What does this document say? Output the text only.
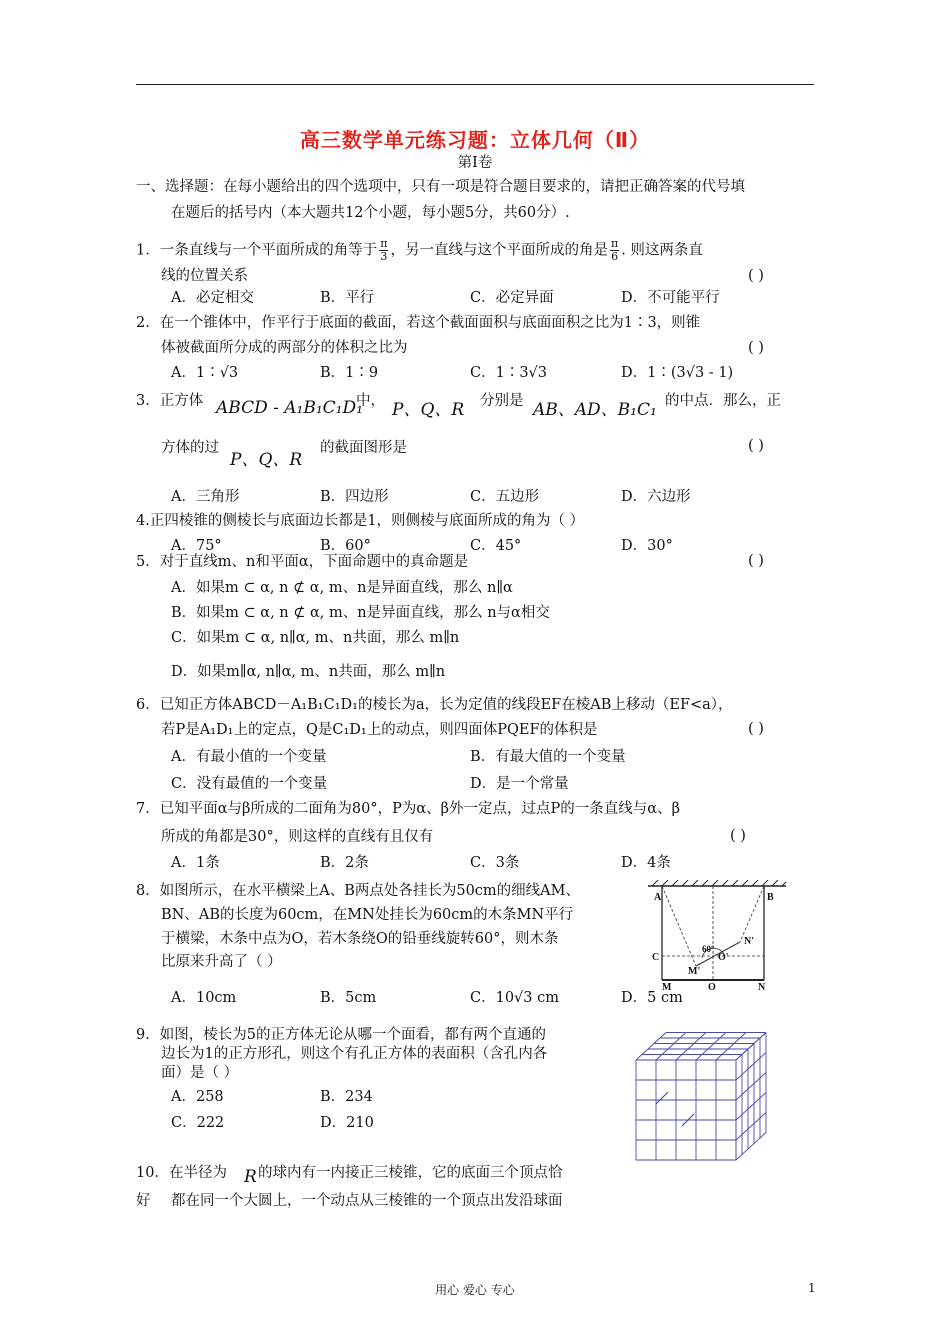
高三数学单元练习题：立体几何（Ⅱ）
第Ⅰ卷
一、选择题：在每小题给出的四个选项中，只有一项是符合题目要求的，请把正确答案的代号填
在题后的括号内（本大题共12个小题，每小题5分，共60分）.
1．一条直线与一个平面所成的角等于 $\frac{\pi}{3}$ ，另一直线与这个平面所成的角是 $\frac{\pi}{6}$ . 则这两条直
线的位置关系	( )
A．必定相交	B．平行	C．必定异面	D．不可能平行
2．在一个锥体中，作平行于底面的截面，若这个截面面积与底面面积之比为1∶3，则锥
体被截面所分成的两部分的体积之比为	( )
A．1∶√3	B．1∶9	C．1∶3√3	D．1∶(3√3 - 1)
3．正方体 ABCD - A₁B₁C₁D₁
中， P、Q、R 分别是 AB、AD、B₁C₁ 的中点．那么，正
方体的过
P、Q、R
的截面图形是	( )
A．三角形	B．四边形	C．五边形	D．六边形
4.正四棱锥的侧棱长与底面边长都是1，则侧棱与底面所成的角为（ ）
A．75°	B．60°	C．45°	D．30°
5．对于直线m、n和平面α，下面命题中的真命题是	( )
A．如果m ⊂ α, n ⊄ α, m、n是异面直线，那么 n∥α
B．如果m ⊂ α, n ⊄ α, m、n是异面直线，那么 n与α相交
C．如果m ⊂ α, n∥α, m、n共面，那么 m∥n
D．如果m∥α, n∥α, m、n共面，那么 m∥n
6．已知正方体ABCD－A₁B₁C₁D₁的棱长为a，长为定值的线段EF在棱AB上移动（EF<a），
若P是A₁D₁上的定点，Q是C₁D₁上的动点，则四面体PQEF的体积是	( )
A．有最小值的一个变量	B．有最大值的一个变量
C．没有最值的一个变量	D．是一个常量
7．已知平面α与β所成的二面角为80°，P为α、β外一定点，过点P的一条直线与α、β
所成的角都是30°，则这样的直线有且仅有	( )
A．1条	B．2条	C．3条	D．4条
8．如图所示，在水平横梁上A、B两点处各挂长为50cm的细线AM、
BN、AB的长度为60cm，在MN处挂长为60cm的木条MN平行
于横梁，木条中点为O，若木条绕O的铅垂线旋转60°，则木条
比原来升高了（ ）
A．10cm	B．5cm	C．10√3 cm	D．5 cm
A	B
C
N'
M'
O'
M	O	N
60°
9．如图，棱长为5的正方体无论从哪一个面看，都有两个直通的
边长为1的正方形孔，则这个有孔正方体的表面积（含孔内各
面）是（ ）
A．258	B．234
C．222	D．210
10．在半径为 R 的球内有一内接正三棱锥，它的底面三个顶点恰
好 都在同一个大圆上，一个动点从三棱锥的一个顶点出发沿球面
用心 爱心 专心	1
